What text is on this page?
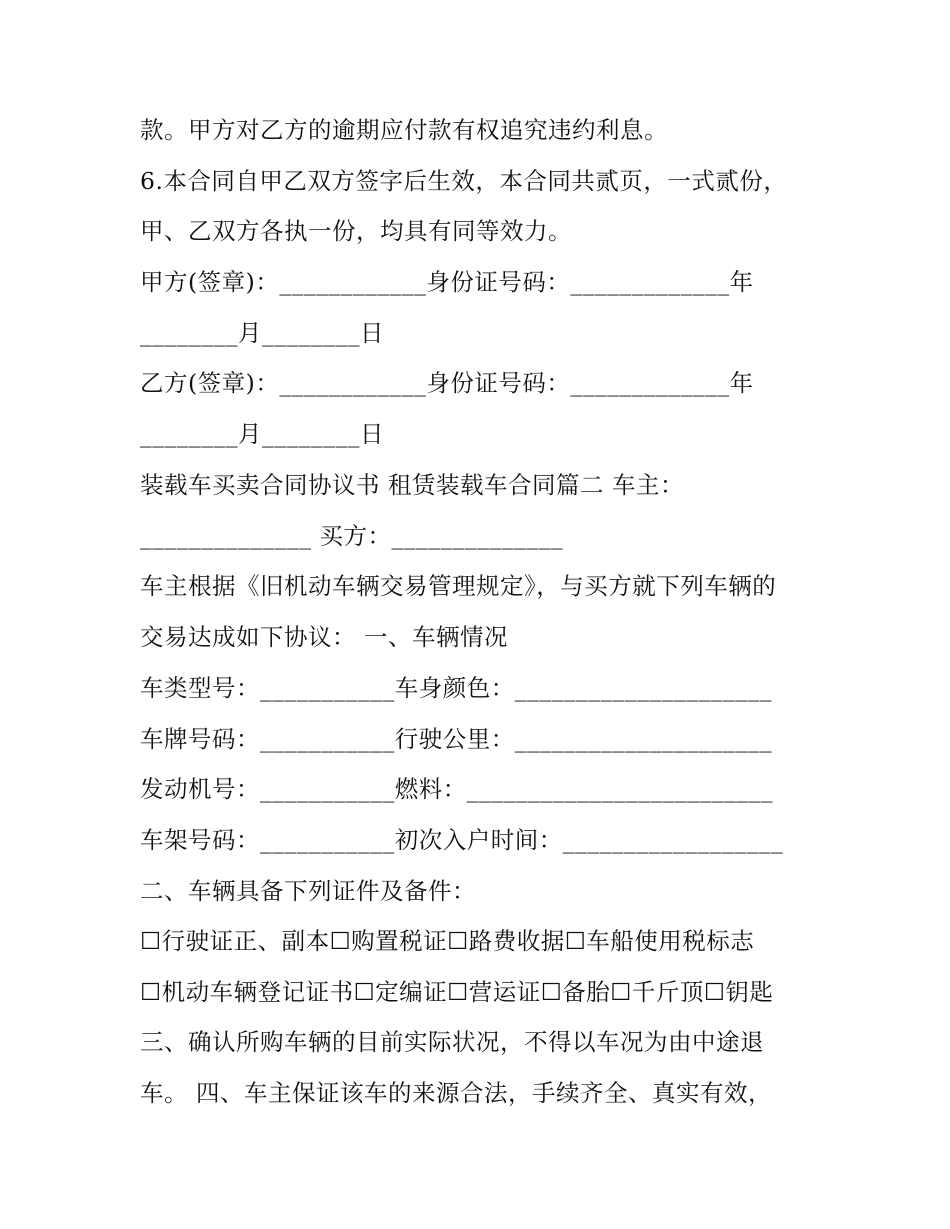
款。甲方对乙方的逾期应付款有权追究违约利息。
6.本合同自甲乙双方签字后生效，本合同共贰页，一式贰份，
甲、乙双方各执一份，均具有同等效力。
甲方(签章)：____________身份证号码：_____________年
________月________日
乙方(签章)：____________身份证号码：_____________年
________月________日
装载车买卖合同协议书 租赁装载车合同篇二 车主：
______________ 买方：______________
车主根据《旧机动车辆交易管理规定》，与买方就下列车辆的
交易达成如下协议： 一、车辆情况
车类型号：___________车身颜色：_____________________
车牌号码：___________行驶公里：_____________________
发动机号：___________燃料：_________________________
车架号码：___________初次入户时间：__________________
二、车辆具备下列证件及备件：
☐行驶证正、副本☐购置税证☐路费收据☐车船使用税标志
☐机动车辆登记证书☐定编证☐营运证☐备胎☐千斤顶☐钥匙
三、确认所购车辆的目前实际状况，不得以车况为由中途退
车。 四、车主保证该车的来源合法，手续齐全、真实有效，
